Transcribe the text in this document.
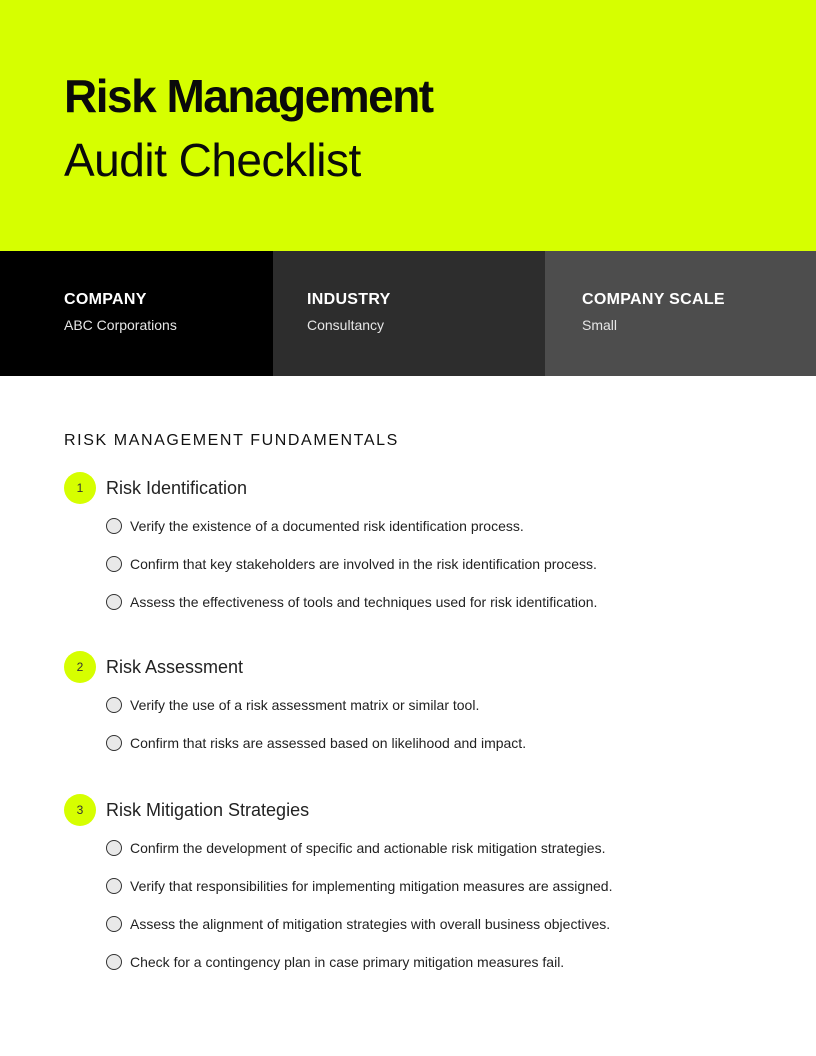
Risk Management
Audit Checklist
COMPANY
ABC Corporations
INDUSTRY
Consultancy
COMPANY SCALE
Small
RISK MANAGEMENT FUNDAMENTALS
1	Risk Identification
Verify the existence of a documented risk identification process.
Confirm that key stakeholders are involved in the risk identification process.
Assess the effectiveness of tools and techniques used for risk identification.
2	Risk Assessment
Verify the use of a risk assessment matrix or similar tool.
Confirm that risks are assessed based on likelihood and impact.
3	Risk Mitigation Strategies
Confirm the development of specific and actionable risk mitigation strategies.
Verify that responsibilities for implementing mitigation measures are assigned.
Assess the alignment of mitigation strategies with overall business objectives.
Check for a contingency plan in case primary mitigation measures fail.
